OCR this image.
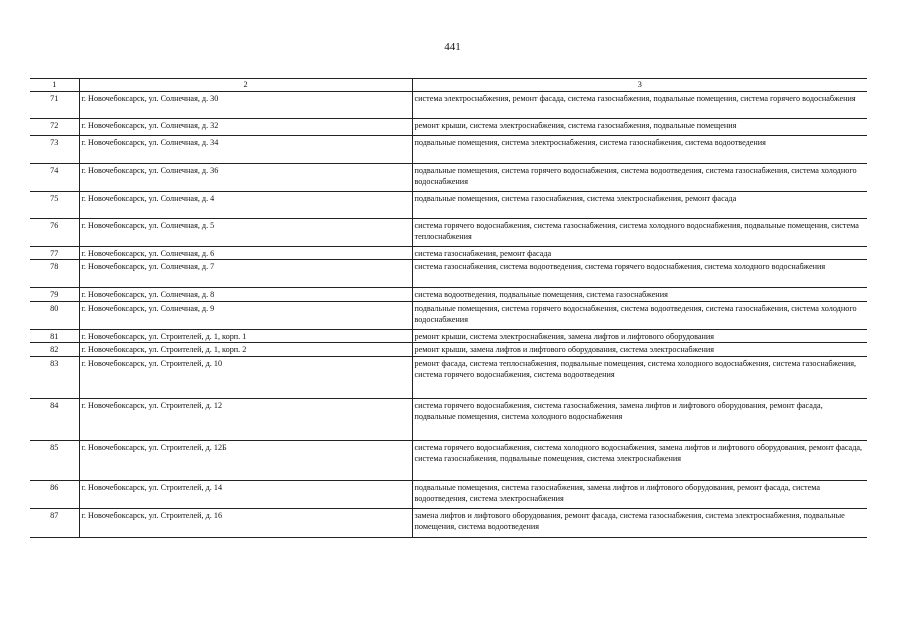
441
1	2	3
71	г. Новочебоксарск, ул. Солнечная, д. 30	система электроснабжения, ремонт фасада, система газоснабжения, подвальные помещения, система горячего водоснабжения
72	г. Новочебоксарск, ул. Солнечная, д. 32	ремонт крыши, система электроснабжения, система газоснабжения, подвальные помещения
73	г. Новочебоксарск, ул. Солнечная, д. 34	подвальные помещения, система электроснабжения, система газоснабжения, система водоотведения
74	г. Новочебоксарск, ул. Солнечная, д. 36	подвальные помещения, система горячего водоснабжения, система водоотведения, система газоснабжения, система холодного водоснабжения
75	г. Новочебоксарск, ул. Солнечная, д. 4	подвальные помещения, система газоснабжения, система электроснабжения, ремонт фасада
76	г. Новочебоксарск, ул. Солнечная, д. 5	система горячего водоснабжения, система газоснабжения, система холодного водоснабжения, подвальные помещения, система теплоснабжения
77	г. Новочебоксарск, ул. Солнечная, д. 6	система газоснабжения, ремонт фасада
78	г. Новочебоксарск, ул. Солнечная, д. 7	система газоснабжения, система водоотведения, система горячего водоснабжения, система холодного водоснабжения
79	г. Новочебоксарск, ул. Солнечная, д. 8	система водоотведения, подвальные помещения, система газоснабжения
80	г. Новочебоксарск, ул. Солнечная, д. 9	подвальные помещения, система горячего водоснабжения, система водоотведения, система газоснабжения, система холодного водоснабжения
81	г. Новочебоксарск, ул. Строителей, д. 1, корп. 1	ремонт крыши, система электроснабжения, замена лифтов и лифтового оборудования
82	г. Новочебоксарск, ул. Строителей, д. 1, корп. 2	ремонт крыши, замена лифтов и лифтового оборудования, система электроснабжения
83	г. Новочебоксарск, ул. Строителей, д. 10	ремонт фасада, система теплоснабжения, подвальные помещения, система холодного водоснабжения, система газоснабжения, система горячего водоснабжения, система водоотведения
84	г. Новочебоксарск, ул. Строителей, д. 12	система горячего водоснабжения, система газоснабжения, замена лифтов и лифтового оборудования, ремонт фасада, подвальные помещения, система холодного водоснабжения
85	г. Новочебоксарск, ул. Строителей, д. 12Б	система горячего водоснабжения, система холодного водоснабжения, замена лифтов и лифтового оборудования, ремонт фасада, система газоснабжения, подвальные помещения, система электроснабжения
86	г. Новочебоксарск, ул. Строителей, д. 14	подвальные помещения, система газоснабжения, замена лифтов и лифтового оборудования, ремонт фасада, система водоотведения, система электроснабжения
87	г. Новочебоксарск, ул. Строителей, д. 16	замена лифтов и лифтового оборудования, ремонт фасада, система газоснабжения, система электроснабжения, подвальные помещения, система водоотведения
